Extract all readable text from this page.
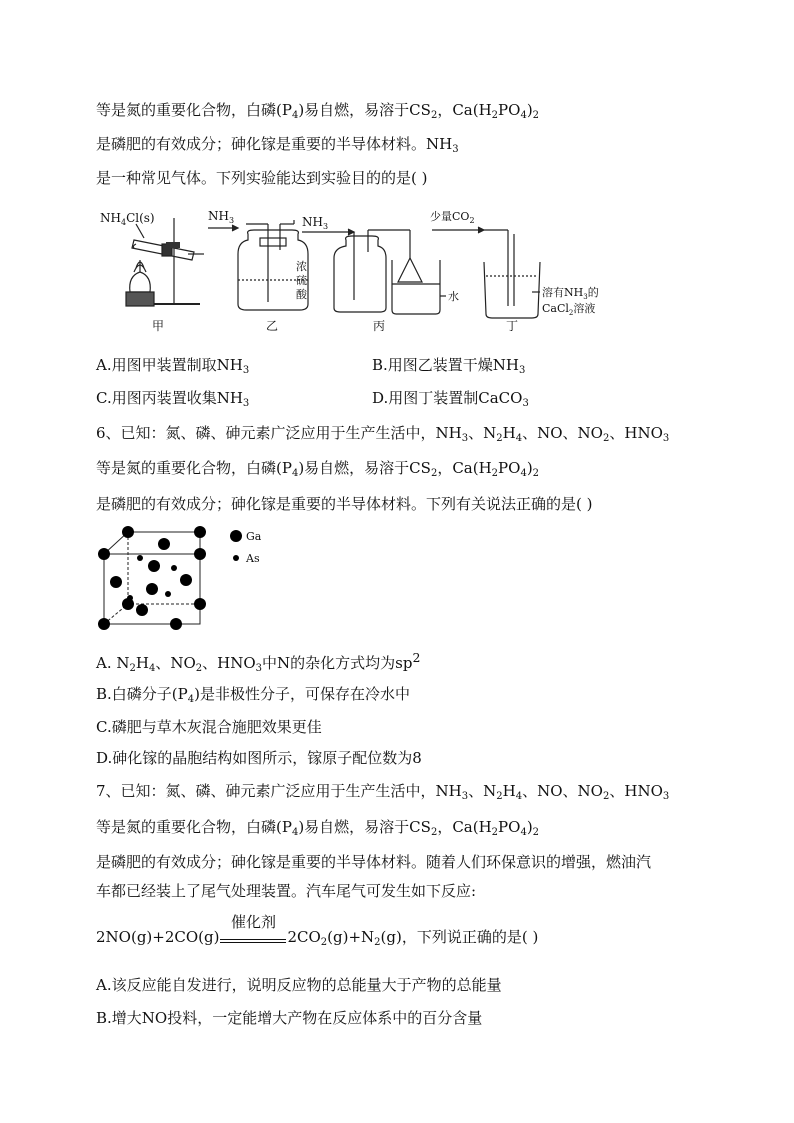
等是氮的重要化合物，白磷$(P_4)$易自燃，易溶于$CS_2$，$Ca(H_2PO_4)_2$
是磷肥的有效成分；砷化镓是重要的半导体材料。$NH_3$
是一种常见气体。下列实验能达到实验目的的是( )
$NH_4Cl(s)$
甲
$NH_3$
浓
硫
酸
乙
$NH_3$
水
丙
少量$CO_2$
溶有$NH_3$的
CaCl$_2$溶液
丁
A.用图甲装置制取$NH_3$	B.用图乙装置干燥$NH_3$
C.用图丙装置收集$NH_3$	D.用图丁装置制CaCO$_3$
6、已知：氮、磷、砷元素广泛应用于生产生活中，$NH_3$、$N_2H_4$、NO、$NO_2$、$HNO_3$
等是氮的重要化合物，白磷$(P_4)$易自燃，易溶于$CS_2$，$Ca(H_2PO_4)_2$
是磷肥的有效成分；砷化镓是重要的半导体材料。下列有关说法正确的是( )
Ga
As
A. $N_2H_4$、$NO_2$、$HNO_3$中N的杂化方式均为$sp^2$
B.白磷分子$(P_4)$是非极性分子，可保存在冷水中
C.磷肥与草木灰混合施肥效果更佳
D.砷化镓的晶胞结构如图所示，镓原子配位数为8
7、已知：氮、磷、砷元素广泛应用于生产生活中，$NH_3$、$N_2H_4$、NO、$NO_2$、$HNO_3$
等是氮的重要化合物，白磷$(P_4)$易自燃，易溶于$CS_2$，$Ca(H_2PO_4)_2$
是磷肥的有效成分；砷化镓是重要的半导体材料。随着人们环保意识的增强，燃油汽
车都已经装上了尾气处理装置。汽车尾气可发生如下反应:
2NO(g)+2CO(g)
催化剂
$2CO_2(g)+N_2(g)$，下列说正确的是( )
A.该反应能自发进行，说明反应物的总能量大于产物的总能量
B.增大NO投料，一定能增大产物在反应体系中的百分含量
